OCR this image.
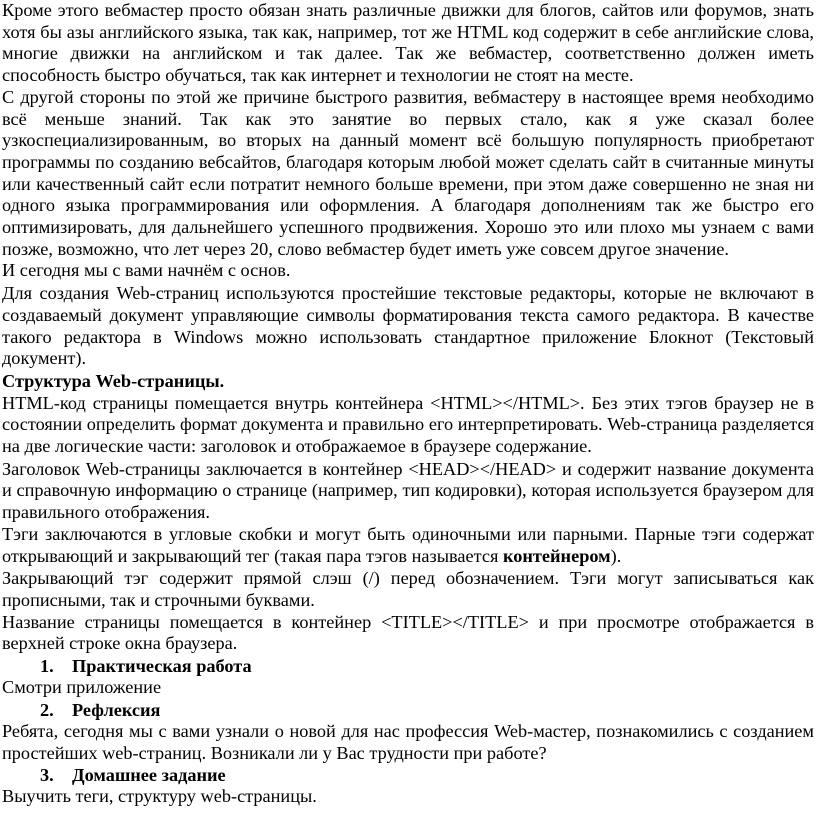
Кроме этого вебмастер просто обязан знать различные движки для блогов, сайтов или форумов, знать хотя бы азы английского языка, так как, например, тот же HTML код содержит в себе английские слова, многие движки на английском и так далее. Так же вебмастер, соответственно должен иметь способность быстро обучаться, так как интернет и технологии не стоят на месте.

С другой стороны по этой же причине быстрого развития, вебмастеру в настоящее время необходимо всё меньше знаний. Так как это занятие во первых стало, как я уже сказал более узкоспециализированным, во вторых на данный момент всё большую популярность приобретают программы по созданию вебсайтов, благодаря которым любой может сделать сайт в считанные минуты или качественный сайт если потратит немного больше времени, при этом даже совершенно не зная ни одного языка программирования или оформления. А благодаря дополнениям так же быстро его оптимизировать, для дальнейшего успешного продвижения. Хорошо это или плохо мы узнаем с вами позже, возможно, что лет через 20, слово вебмастер будет иметь уже совсем другое значение.

И сегодня мы с вами начнём с основ.

Для создания Web-страниц используются простейшие текстовые редакторы, которые не включают в создаваемый документ управляющие символы форматирования текста самого редактора. В качестве такого редактора в Windows можно использовать стандартное приложение Блокнот (Текстовый документ).

Структура Web-страницы.

HTML-код страницы помещается внутрь контейнера <HTML></HTML>. Без этих тэгов браузер не в состоянии определить формат документа и правильно его интерпретировать. Web-страница разделяется на две логические части: заголовок и отображаемое в браузере содержание.

Заголовок Web-страницы заключается в контейнер <HEAD></HEAD> и содержит название документа и справочную информацию о странице (например, тип кодировки), которая используется браузером для правильного отображения.

Тэги заключаются в угловые скобки и могут быть одиночными или парными. Парные тэги содержат открывающий и закрывающий тег (такая пара тэгов называется контейнером).

Закрывающий тэг содержит прямой слэш (/) перед обозначением. Тэги могут записываться как прописными, так и строчными буквами.

Название страницы помещается в контейнер <TITLE></TITLE> и при просмотре отображается в верхней строке окна браузера.

1. Практическая работа

Смотри приложение

2. Рефлексия

Ребята, сегодня мы с вами узнали о новой для нас профессия Web-мастер, познакомились с созданием простейших web-страниц. Возникали ли у Вас трудности при работе?

3. Домашнее задание

Выучить теги, структуру web-страницы.
